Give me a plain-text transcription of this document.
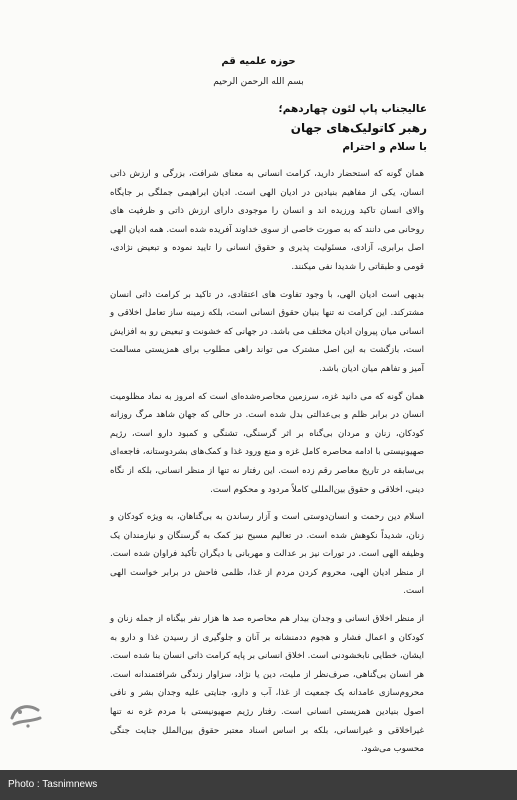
حوزه علمیه قم
بسم الله الرحمن الرحیم
عالیجناب پاپ لئون چهاردهم؛
رهبر کاتولیک‌های جهان
با سلام و احترام

همان گونه که استحضار دارید، کرامت انسانی به معنای شرافت، بزرگی و ارزش ذاتی انسان، یکی از مفاهیم بنیادین در ادیان الهی است. ادیان ابراهیمی جملگی بر جایگاه والای انسان تاکید ورزیده اند و انسان را موجودی دارای ارزش ذاتی و ظرفیت های روحانی می دانند که به صورت خاصی از سوی خداوند آفریده شده است. همه ادیان الهی اصل برابری، آزادی، مسئولیت پذیری و حقوق انسانی را تایید نموده و تبعیض نژادی، قومی و طبقاتی را شدیدا نفی میکنند.

بدیهی است ادیان الهی، با وجود تفاوت های اعتقادی، در تاکید بر کرامت ذاتی انسان مشترکند. این کرامت نه تنها بنیان حقوق انسانی است، بلکه زمینه ساز تعامل اخلاقی و انسانی میان پیروان ادیان مختلف می باشد. در جهانی که خشونت و تبعیض رو به افزایش است، بازگشت به این اصل مشترک می تواند راهی مطلوب برای همزیستی مسالمت آمیز و تفاهم میان ادیان باشد.

همان گونه که می دانید غزه، سرزمین محاصره‌شده‌ای است که امروز به نماد مظلومیت انسان در برابر ظلم و بی‌عدالتی بدل شده است. در حالی که جهان شاهد مرگ روزانه کودکان، زنان و مردان بی‌گناه بر اثر گرسنگی، تشنگی و کمبود دارو است، رژیم صهیونیستی با ادامه محاصره کامل غزه و منع ورود غذا و کمک‌های بشردوستانه، فاجعه‌ای بی‌سابقه در تاریخ معاصر رقم زده است. این رفتار نه تنها از منظر انسانی، بلکه از نگاه دینی، اخلاقی و حقوق بین‌المللی کاملاً مردود و محکوم است.

اسلام دین رحمت و انسان‌دوستی است و آزار رساندن به بی‌گناهان، به ویژه کودکان و زنان، شدیداً نکوهش شده است. در تعالیم مسیح نیز کمک به گرسنگان و نیازمندان یک وظیفه الهی است. در تورات نیز بر عدالت و مهربانی با دیگران تأکید فراوان شده است. از منظر ادیان الهی، محروم کردن مردم از غذا، ظلمی فاحش در برابر خواست الهی است.

از منظر اخلاق انسانی و وجدان بیدار هم محاصره صد ها هزار نفر بیگناه از جمله زنان و کودکان و اعمال فشار و هجوم ددمنشانه بر آنان و جلوگیری از رسیدن غذا و دارو به ایشان، خطایی نابخشودنی است. اخلاق انسانی بر پایه کرامت ذاتی انسان بنا شده است. هر انسان بی‌گناهی، صرف‌نظر از ملیت، دین یا نژاد، سزاوار زندگی شرافتمندانه است. محروم‌سازی عامدانه یک جمعیت از غذا، آب و دارو، جنایتی علیه وجدان بشر و نافی اصول بنیادین همزیستی انسانی است. رفتار رژیم صهیونیستی با مردم غزه نه تنها غیراخلاقی و غیرانسانی، بلکه بر اساس اسناد معتبر حقوق بین‌الملل جنایت جنگی محسوب می‌شود.

Photo : Tasnimnews
